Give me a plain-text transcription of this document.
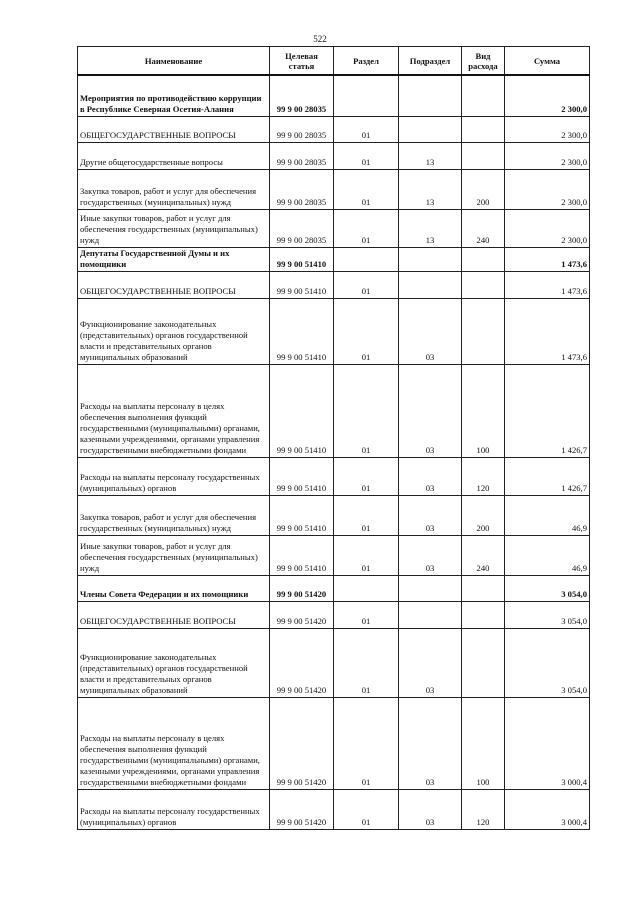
522
Наименование	Целевая статья	Раздел	Подраздел	Вид расхода	Сумма
Мероприятия по противодействию коррупции в Республике Северная Осетия-Алания	99 9 00 28035				2 300,0
ОБЩЕГОСУДАРСТВЕННЫЕ ВОПРОСЫ	99 9 00 28035	01			2 300,0
Другие общегосударственные вопросы	99 9 00 28035	01	13		2 300,0
Закупка товаров, работ и услуг для обеспечения государственных (муниципальных) нужд	99 9 00 28035	01	13	200	2 300,0
Иные закупки товаров, работ и услуг для обеспечения государственных (муниципальных) нужд	99 9 00 28035	01	13	240	2 300,0
Депутаты Государственной Думы и их помощники	99 9 00 51410				1 473,6
ОБЩЕГОСУДАРСТВЕННЫЕ ВОПРОСЫ	99 9 00 51410	01			1 473,6
Функционирование законодательных (представительных) органов государственной власти и представительных органов муниципальных образований	99 9 00 51410	01	03		1 473,6
Расходы на выплаты персоналу в целях обеспечения выполнения функций государственными (муниципальными) органами, казенными учреждениями, органами управления государственными внебюджетными фондами	99 9 00 51410	01	03	100	1 426,7
Расходы на выплаты персоналу государственных (муниципальных) органов	99 9 00 51410	01	03	120	1 426,7
Закупка товаров, работ и услуг для обеспечения государственных (муниципальных) нужд	99 9 00 51410	01	03	200	46,9
Иные закупки товаров, работ и услуг для обеспечения государственных (муниципальных) нужд	99 9 00 51410	01	03	240	46,9
Члены Совета Федерации и их помощники	99 9 00 51420				3 054,0
ОБЩЕГОСУДАРСТВЕННЫЕ ВОПРОСЫ	99 9 00 51420	01			3 054,0
Функционирование законодательных (представительных) органов государственной власти и представительных органов муниципальных образований	99 9 00 51420	01	03		3 054,0
Расходы на выплаты персоналу в целях обеспечения выполнения функций государственными (муниципальными) органами, казенными учреждениями, органами управления государственными внебюджетными фондами	99 9 00 51420	01	03	100	3 000,4
Расходы на выплаты персоналу государственных (муниципальных) органов	99 9 00 51420	01	03	120	3 000,4
